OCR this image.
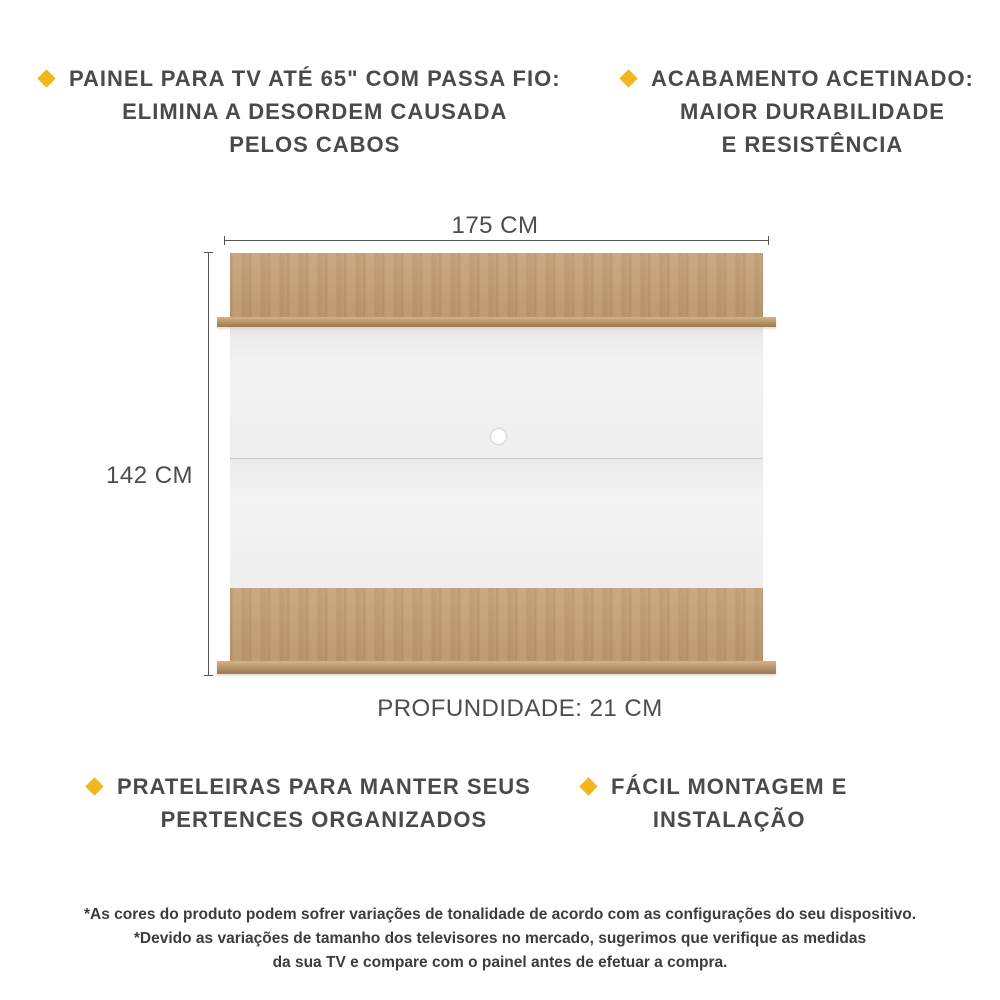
PAINEL PARA TV ATÉ 65" COM PASSA FIO:
ELIMINA A DESORDEM CAUSADA
PELOS CABOS
ACABAMENTO ACETINADO:
MAIOR DURABILIDADE
E RESISTÊNCIA
175 CM
142 CM
PROFUNDIDADE: 21 CM
PRATELEIRAS PARA MANTER SEUS
PERTENCES ORGANIZADOS
FÁCIL MONTAGEM E
INSTALAÇÃO
*As cores do produto podem sofrer variações de tonalidade de acordo com as configurações do seu dispositivo.
*Devido as variações de tamanho dos televisores no mercado, sugerimos que verifique as medidas
da sua TV e compare com o painel antes de efetuar a compra.
